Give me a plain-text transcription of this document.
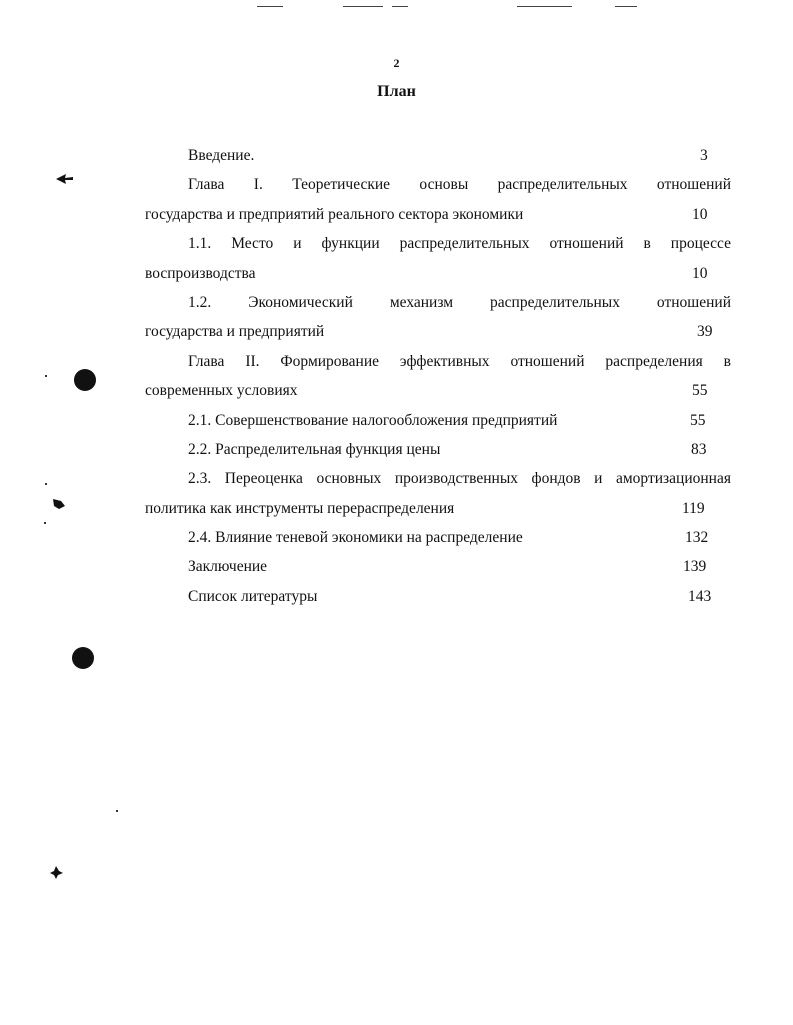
2
План
Введение.	3
Глава I. Теоретические основы распределительных отношений
государства и предприятий реального сектора экономики	10
1.1. Место и функции распределительных отношений в процессе
воспроизводства	10
1.2. Экономический механизм распределительных отношений
государства и предприятий	39
Глава II. Формирование эффективных отношений распределения в
современных условиях	55
2.1. Совершенствование налогообложения предприятий	55
2.2. Распределительная функция цены	83
2.3. Переоценка основных производственных фондов и амортизационная
политика как инструменты перераспределения	119
2.4. Влияние теневой экономики на распределение	132
Заключение	139
Список литературы	143
